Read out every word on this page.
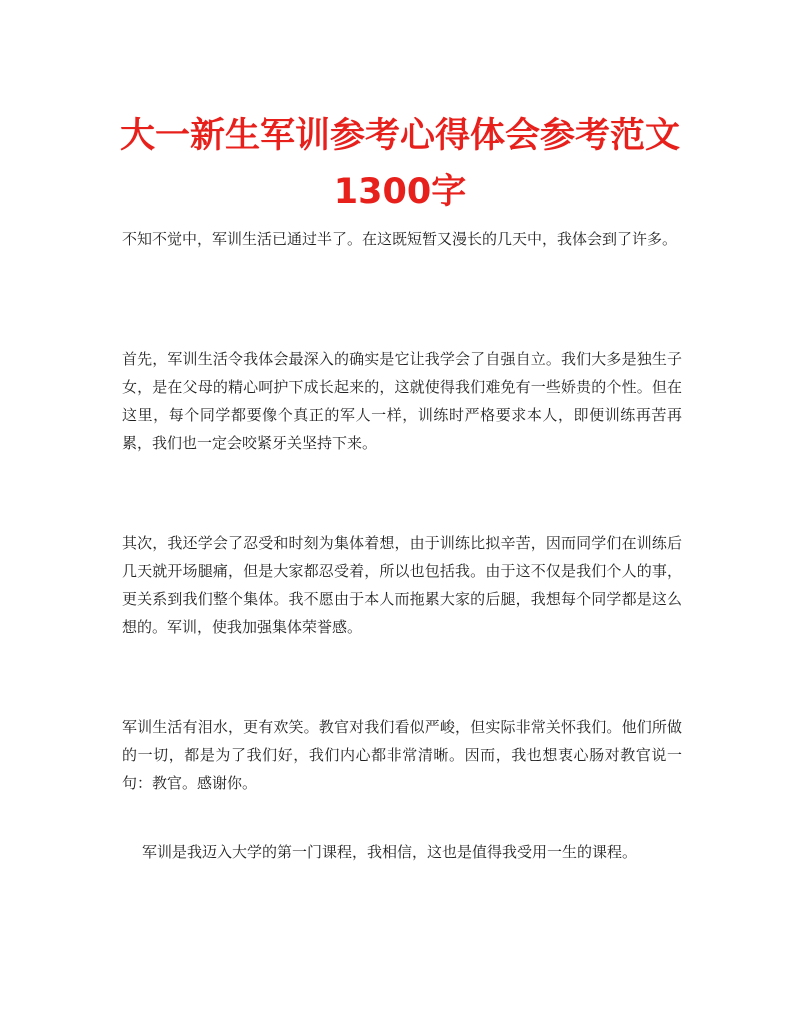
大一新生军训参考心得体会参考范文1300字

不知不觉中，军训生活已通过半了。在这既短暂又漫长的几天中，我体会到了许多。

首先，军训生活令我体会最深入的确实是它让我学会了自强自立。我们大多是独生子女，是在父母的精心呵护下成长起来的，这就使得我们难免有一些娇贵的个性。但在这里，每个同学都要像个真正的军人一样，训练时严格要求本人，即便训练再苦再累，我们也一定会咬紧牙关坚持下来。

其次，我还学会了忍受和时刻为集体着想，由于训练比拟辛苦，因而同学们在训练后几天就开场腿痛，但是大家都忍受着，所以也包括我。由于这不仅是我们个人的事，更关系到我们整个集体。我不愿由于本人而拖累大家的后腿，我想每个同学都是这么想的。军训，使我加强集体荣誉感。

军训生活有泪水，更有欢笑。教官对我们看似严峻，但实际非常关怀我们。他们所做的一切，都是为了我们好，我们内心都非常清晰。因而，我也想衷心肠对教官说一句：教官。感谢你。

军训是我迈入大学的第一门课程，我相信，这也是值得我受用一生的课程。
